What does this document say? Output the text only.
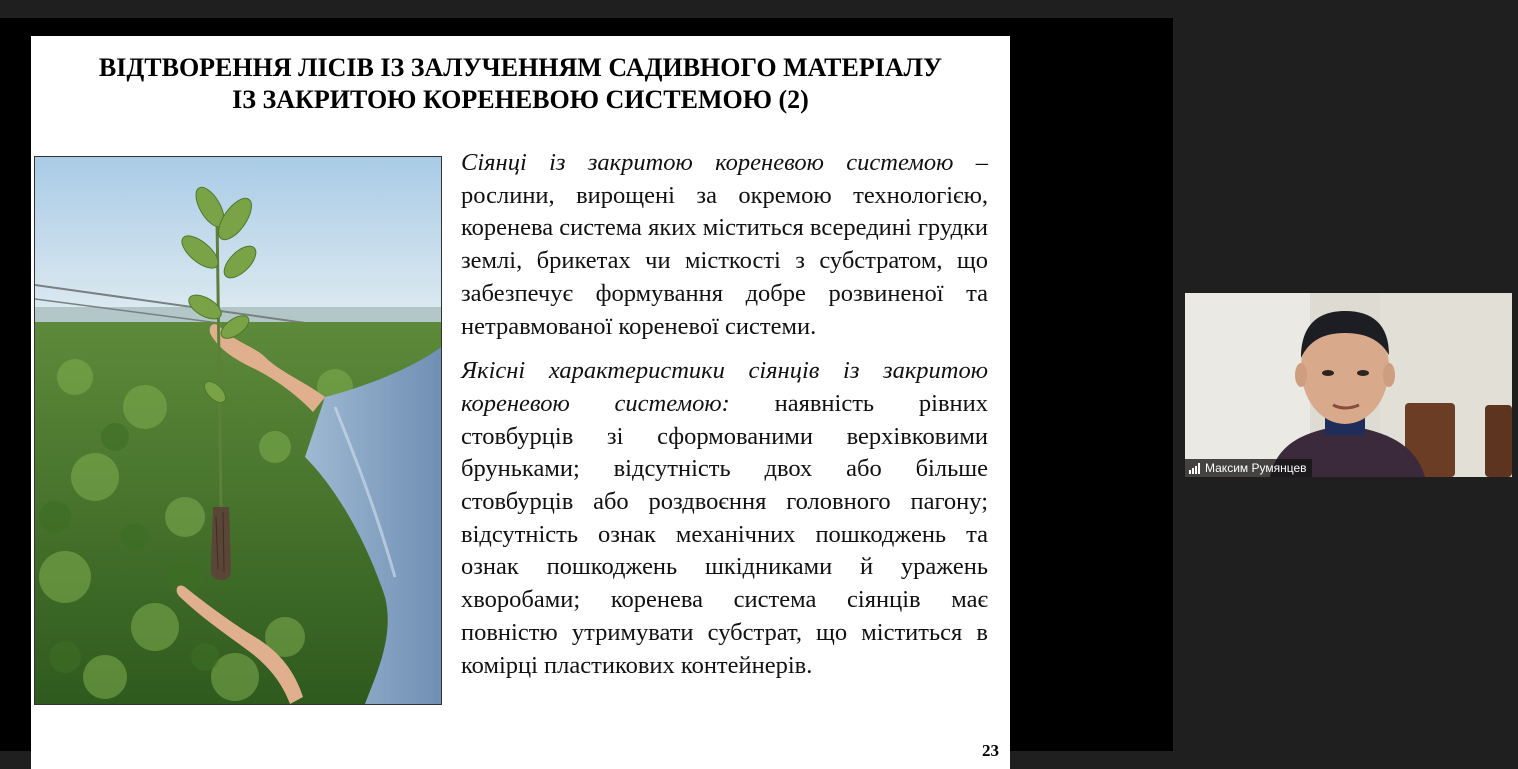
ВІДТВОРЕННЯ ЛІСІВ ІЗ ЗАЛУЧЕННЯМ САДИВНОГО МАТЕРІАЛУ
ІЗ ЗАКРИТОЮ КОРЕНЕВОЮ СИСТЕМОЮ (2)

Сіянці із закритою кореневою системою – рослини, вирощені за окремою технологією, коренева система яких міститься всередині грудки землі, брикетах чи місткості з субстратом, що забезпечує формування добре розвиненої та нетравмованої кореневої системи.

Якісні характеристики сіянців із закритою кореневою системою: наявність рівних стовбурців зі сформованими верхівковими бруньками; відсутність двох або більше стовбурців або роздвоєння головного пагону; відсутність ознак механічних пошкоджень та ознак пошкоджень шкідниками й уражень хворобами; коренева система сіянців має повністю утримувати субстрат, що міститься в комірці пластикових контейнерів.

23
Максим Румянцев
